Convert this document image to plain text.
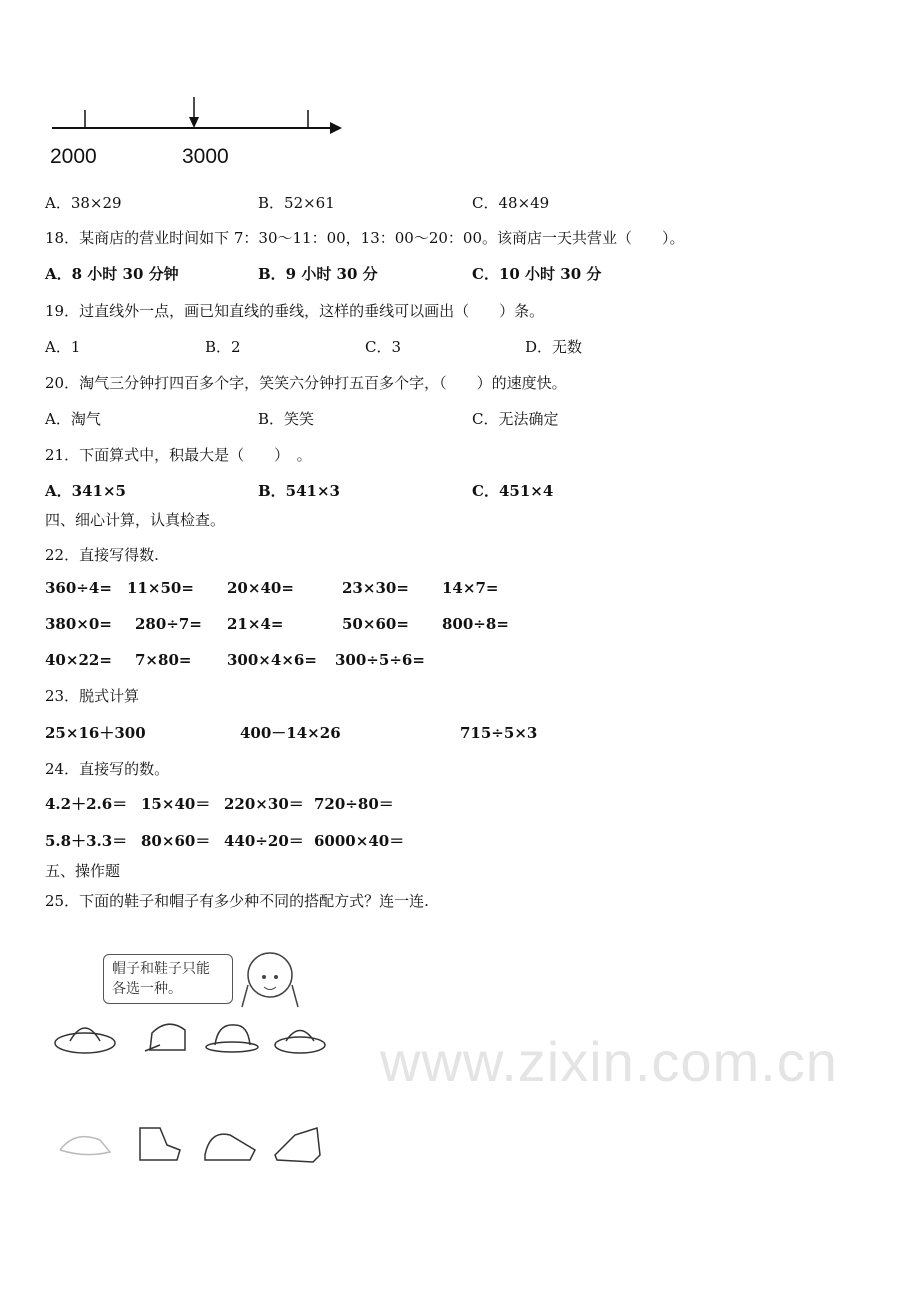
2000	3000
A．38×29	B．52×61	C．48×49
18．某商店的营业时间如下 7：30～11：00，13：00～20：00。该商店一天共营业（　　）。
A．8 小时 30 分钟	B．9 小时 30 分	C．10 小时 30 分
19．过直线外一点，画已知直线的垂线，这样的垂线可以画出（　　）条。
A．1	B．2	C．3	D．无数
20．淘气三分钟打四百多个字，笑笑六分钟打五百多个字，（　　）的速度快。
A．淘气	B．笑笑	C．无法确定
21．下面算式中，积最大是（　　）　。
A．341×5	B．541×3	C．451×4
四、细心计算，认真检查。
22．直接写得数.
360÷4= 11×50= 20×40=	23×30= 14×7=
380×0= 280÷7= 21×4=	50×60= 800÷8=
40×22= 7×80= 300×4×6= 300÷5÷6=
23．脱式计算
25×16＋300	400－14×26	715÷5×3
24．直接写的数。
4.2＋2.6＝ 15×40＝ 220×30＝ 720÷80＝
5.8＋3.3＝ 80×60＝ 440÷20＝ 6000×40＝
五、操作题
25．下面的鞋子和帽子有多少种不同的搭配方式？连一连.
帽子和鞋子只能
各选一种。
www.zixin.com.cn
